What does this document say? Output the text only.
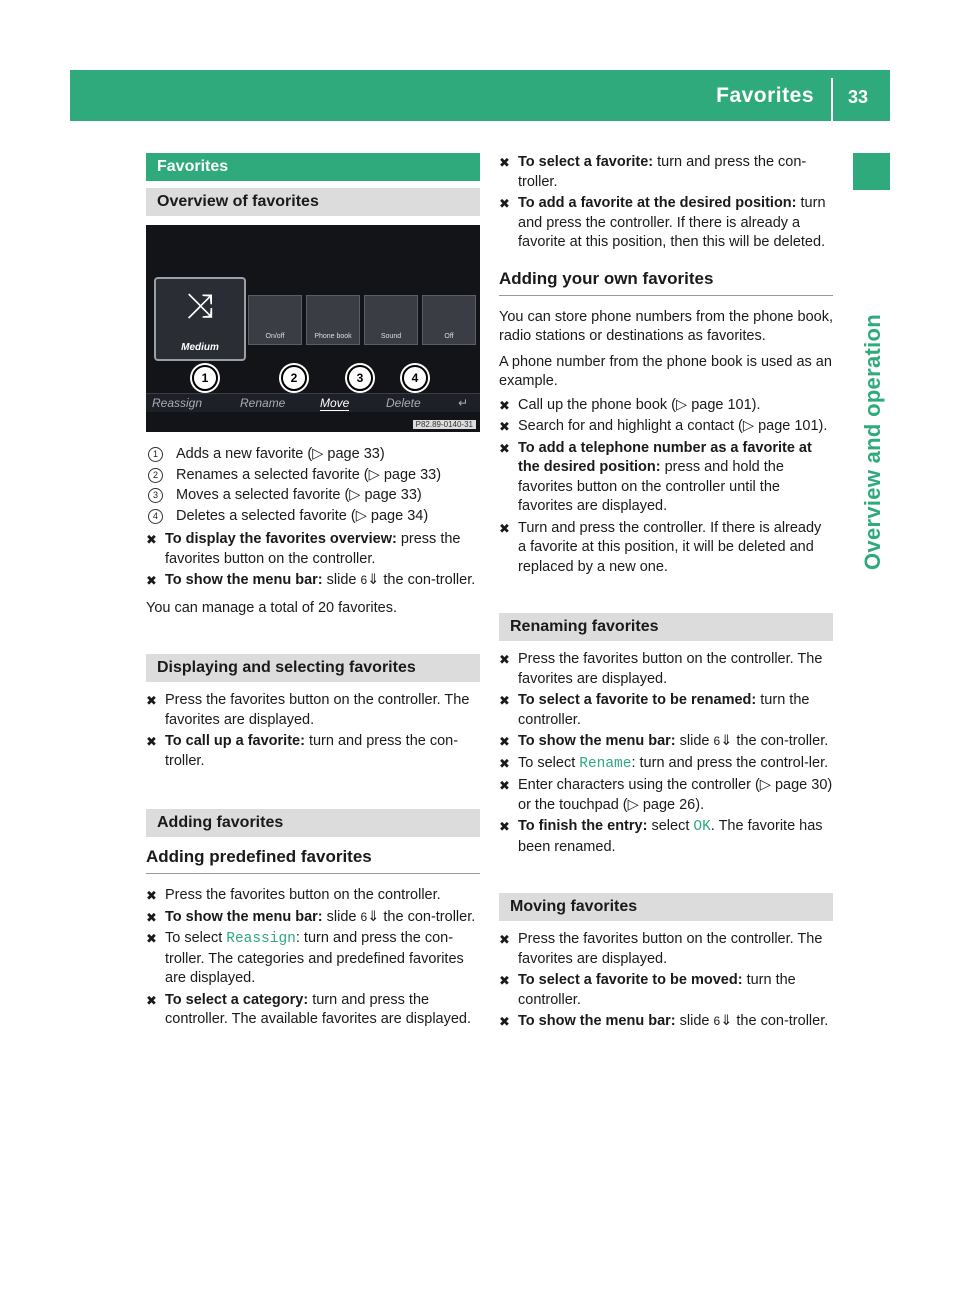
Favorites 33
Overview and operation
Favorites
Overview of favorites
⤨
Medium
On/off	Phone book	Sound	Off
1	2	3	4
Reassign	Rename	Move	Delete	↵
P82.89-0140-31
1	Adds a new favorite (▷ page 33)
2	Renames a selected favorite (▷ page 33)
3	Moves a selected favorite (▷ page 33)
4	Deletes a selected favorite (▷ page 34)
✖ To display the favorites overview: press the favorites button on the controller.
✖ To show the menu bar: slide 6⇓ the con-troller.

You can manage a total of 20 favorites.

Displaying and selecting favorites
✖ Press the favorites button on the controller. The favorites are displayed.
✖ To call up a favorite: turn and press the con-troller.
Adding favorites
Adding predefined favorites
✖ Press the favorites button on the controller.
✖ To show the menu bar: slide 6⇓ the con-troller.
✖ To select Reassign: turn and press the con-troller. The categories and predefined favorites are displayed.
✖ To select a category: turn and press the controller. The available favorites are displayed.
✖ To select a favorite: turn and press the con-troller.
✖ To add a favorite at the desired position: turn and press the controller. If there is already a favorite at this position, then this will be deleted.
Adding your own favorites

You can store phone numbers from the phone book, radio stations or destinations as favorites.

A phone number from the phone book is used as an example.

✖ Call up the phone book (▷ page 101).
✖ Search for and highlight a contact (▷ page 101).
✖ To add a telephone number as a favorite at the desired position: press and hold the favorites button on the controller until the favorites are displayed.
✖ Turn and press the controller. If there is already a favorite at this position, it will be deleted and replaced by a new one.
Renaming favorites
✖ Press the favorites button on the controller. The favorites are displayed.
✖ To select a favorite to be renamed: turn the controller.
✖ To show the menu bar: slide 6⇓ the con-troller.
✖ To select Rename: turn and press the control-ler.
✖ Enter characters using the controller (▷ page 30) or the touchpad (▷ page 26).
✖ To finish the entry: select OK. The favorite has been renamed.
Moving favorites
✖ Press the favorites button on the controller. The favorites are displayed.
✖ To select a favorite to be moved: turn the controller.
✖ To show the menu bar: slide 6⇓ the con-troller.
